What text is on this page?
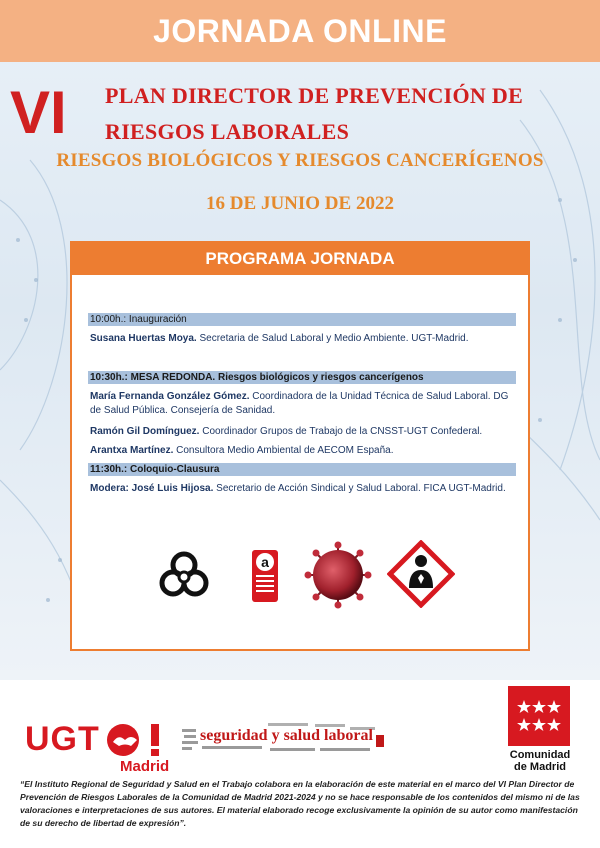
JORNADA ONLINE
VI PLAN DIRECTOR DE PREVENCIÓN DE RIESGOS LABORALES
RIESGOS BIOLÓGICOS Y RIESGOS CANCERÍGENOS
16 DE JUNIO DE 2022
PROGRAMA JORNADA
10:00h.: Inauguración
Susana Huertas Moya. Secretaria de Salud Laboral y Medio Ambiente. UGT-Madrid.
10:30h.: MESA REDONDA. Riesgos biológicos y riesgos cancerígenos
María Fernanda González Gómez. Coordinadora de la Unidad Técnica de Salud Laboral. DG de Salud Pública. Consejería de Sanidad.
Ramón Gil Domínguez. Coordinador Grupos de Trabajo de la CNSST-UGT Confederal.
Arantxa Martínez. Consultora Medio Ambiental de AECOM España.
11:30h.: Coloquio-Clausura
Modera: José Luis Hijosa. Secretario de Acción Sindical y Salud Laboral. FICA UGT-Madrid.
a
UGT
Madrid
seguridad y salud laboral
Comunidad
de Madrid
“El Instituto Regional de Seguridad y Salud en el Trabajo colabora en la elaboración de este material en el marco del VI Plan Director de Prevención de Riesgos Laborales de la Comunidad de Madrid 2021-2024 y no se hace responsable de los contenidos del mismo ni de las valoraciones e interpretaciones de sus autores. El material elaborado recoge exclusivamente la opinión de su autor como manifestación de su derecho de libertad de expresión”.
